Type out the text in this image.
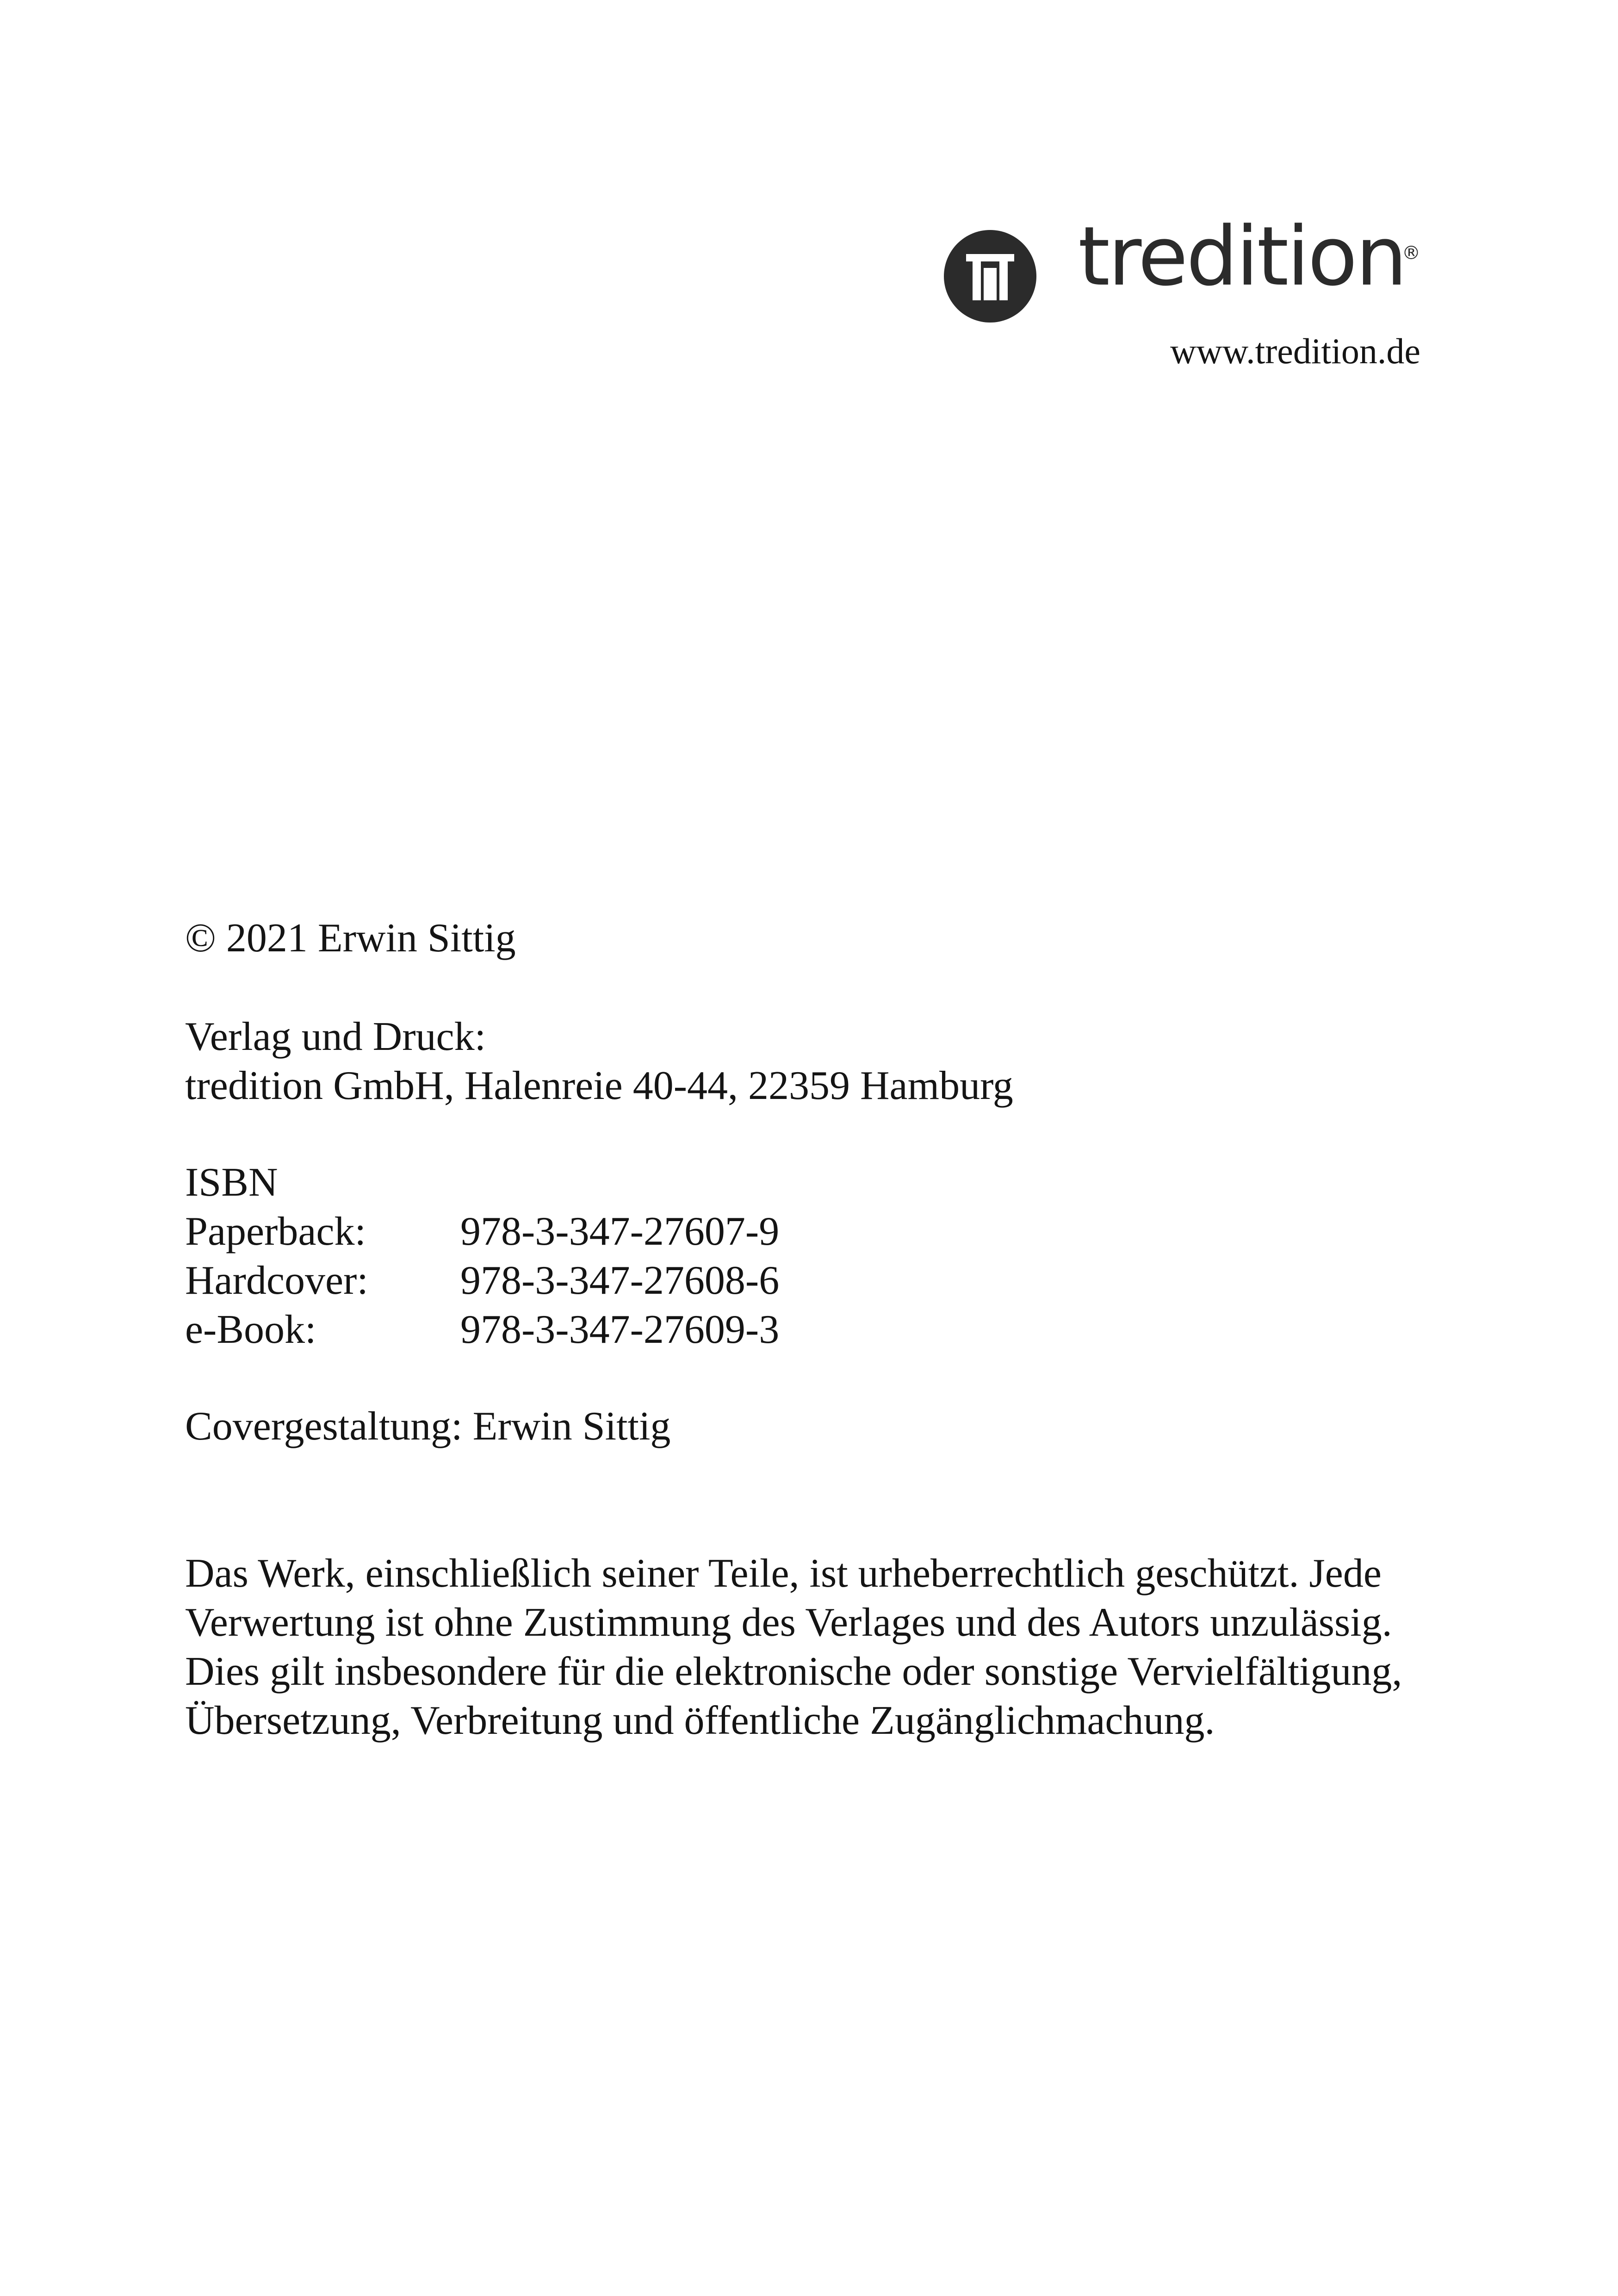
tredition
®
www.tredition.de
© 2021 Erwin Sittig
Verlag und Druck:
tredition GmbH, Halenreie 40-44, 22359 Hamburg
ISBN
Paperback:	978-3-347-27607-9
Hardcover:	978-3-347-27608-6
e-Book:	978-3-347-27609-3
Covergestaltung: Erwin Sittig
Das Werk, einschließlich seiner Teile, ist urheberrechtlich geschützt. Jede
Verwertung ist ohne Zustimmung des Verlages und des Autors unzulässig.
Dies gilt insbesondere für die elektronische oder sonstige Vervielfältigung,
Übersetzung, Verbreitung und öffentliche Zugänglichmachung.
